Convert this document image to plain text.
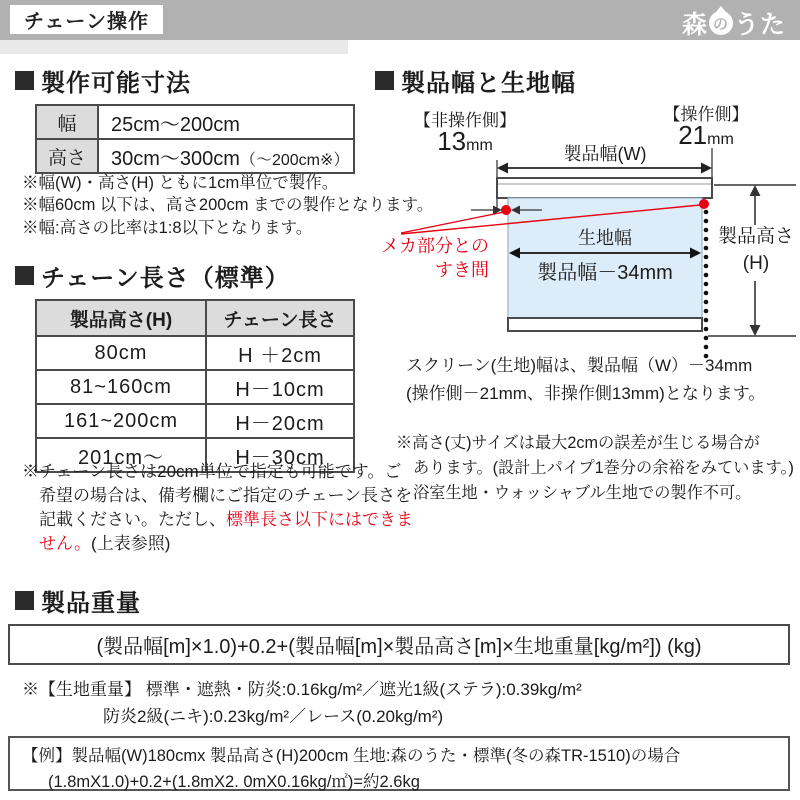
チェーン操作	森 の うた
製作可能寸法
幅	25cm～200cm
高さ	30cm～300cm（～200cm※）
※幅(W)・高さ(H) ともに1cm単位で製作。
※幅60cm 以下は、高さ200cm までの製作となります。
※幅:高さの比率は1:8以下となります。
チェーン長さ（標準）
製品高さ(H)	チェーン長さ
80cm	H ＋2cm
81~160cm	H－10cm
161~200cm	H－20cm
201cm～	H－30cm
※チェーン長さは20cm単位で指定も可能です。ご希望の場合は、備考欄にご指定のチェーン長さを記載ください。ただし、標準長さ以下にはできません。(上表参照)
製品幅と生地幅
【非操作側】
13mm
【操作側】
21mm
製品幅(W)
メカ部分との
すき間
生地幅
製品幅－34mm
製品高さ
(H)
スクリーン(生地)幅は、製品幅（W）－34mm
(操作側－21mm、非操作側13mm)となります。
※高さ(丈)サイズは最大2cmの誤差が生じる場合が
あります。(設計上パイプ1巻分の余裕をみています。)
浴室生地・ウォッシャブル生地での製作不可。
製品重量
(製品幅[m]×1.0)+0.2+(製品幅[m]×製品高さ[m]×生地重量[kg/m²]) (kg)
※【生地重量】 標準・遮熱・防炎:0.16kg/m²／遮光1級(ステラ):0.39kg/m²
防炎2級(ニキ):0.23kg/m²／レース(0.20kg/m²)
【例】製品幅(W)180cmx 製品高さ(H)200cm 生地:森のうた・標準(冬の森TR-1510)の場合
(1.8mX1.0)+0.2+(1.8mX2. 0mX0.16kg/㎡)=約2.6kg
